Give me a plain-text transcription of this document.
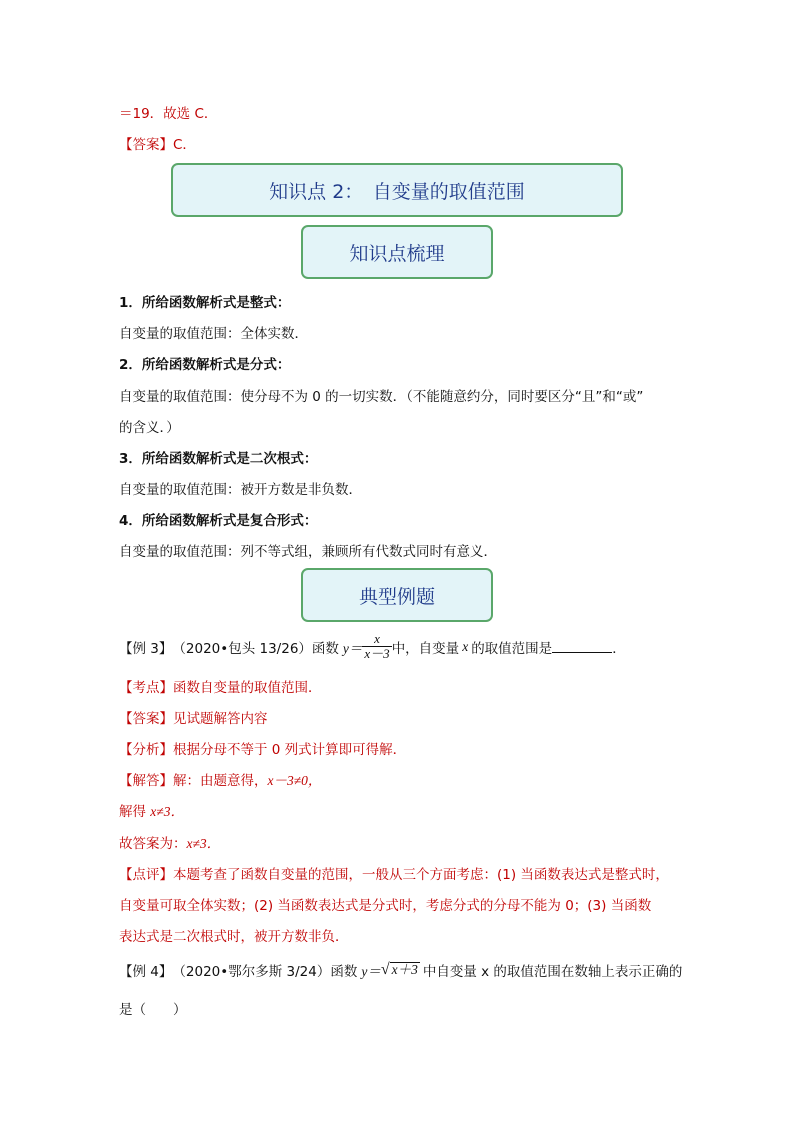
＝19．故选 C．
【答案】C．
知识点 2：　自变量的取值范围
知识点梳理
1．所给函数解析式是整式：
自变量的取值范围：全体实数．
2．所给函数解析式是分式：
自变量的取值范围：使分母不为 0 的一切实数．（不能随意约分，同时要区分“且”和“或”
的含义．）
3．所给函数解析式是二次根式：
自变量的取值范围：被开方数是非负数．
4．所给函数解析式是复合形式：
自变量的取值范围：列不等式组，兼顾所有代数式同时有意义．
典型例题
【例 3】 （2020•包头 13/26）函数 $y= \frac{x}{x-3}$ 中，自变量 x 的取值范围是	．
【考点】函数自变量的取值范围．
【答案】见试题解答内容
【分析】根据分母不等于 0 列式计算即可得解．
【解答】解：由题意得，x－3≠0，
解得 x≠3．
故答案为：x≠3．
【点评】本题考查了函数自变量的范围，一般从三个方面考虑：(1) 当函数表达式是整式时，
自变量可取全体实数；(2) 当函数表达式是分式时，考虑分式的分母不能为 0；(3) 当函数
表达式是二次根式时，被开方数非负．
【例 4】 （2020•鄂尔多斯 3/24）函数 y＝ √ x＋3 中自变量 x 的取值范围在数轴上表示正确的
是（　　）
